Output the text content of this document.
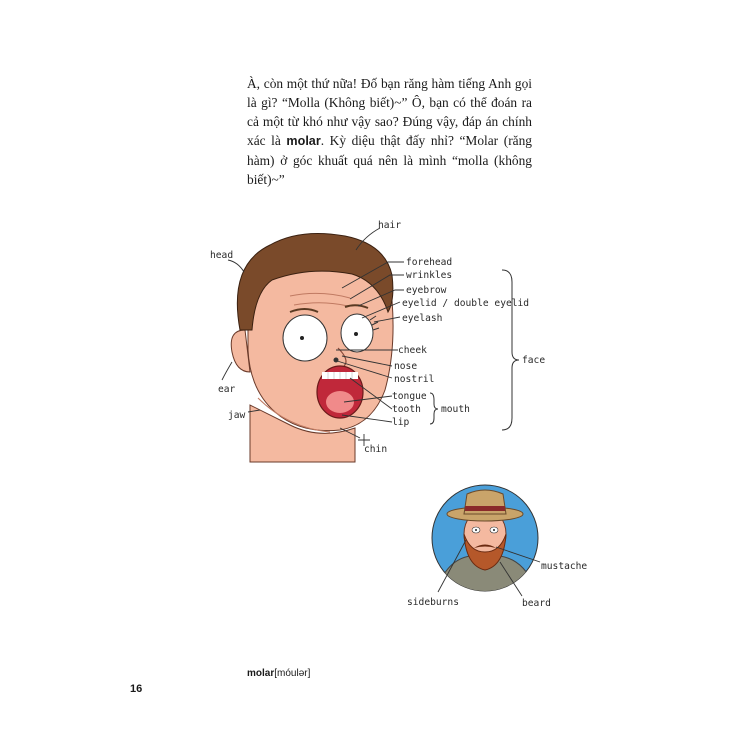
À, còn một thứ nữa! Đố bạn răng hàm tiếng Anh gọi là gì? “Molla (Không biết)~” Ô, bạn có thể đoán ra cả một từ khó như vậy sao? Đúng vậy, đáp án chính xác là molar. Kỳ diệu thật đấy nhỉ? “Molar (răng hàm) ở góc khuất quá nên là mình “molla (không biết)~”

hair
head
forehead
wrinkles
eyebrow
eyelid / double eyelid
eyelash
cheek
nose
nostril
tongue
tooth
lip
mouth
face
ear
jaw
chin
mustache
sideburns	beard
molar[móulər]
16
